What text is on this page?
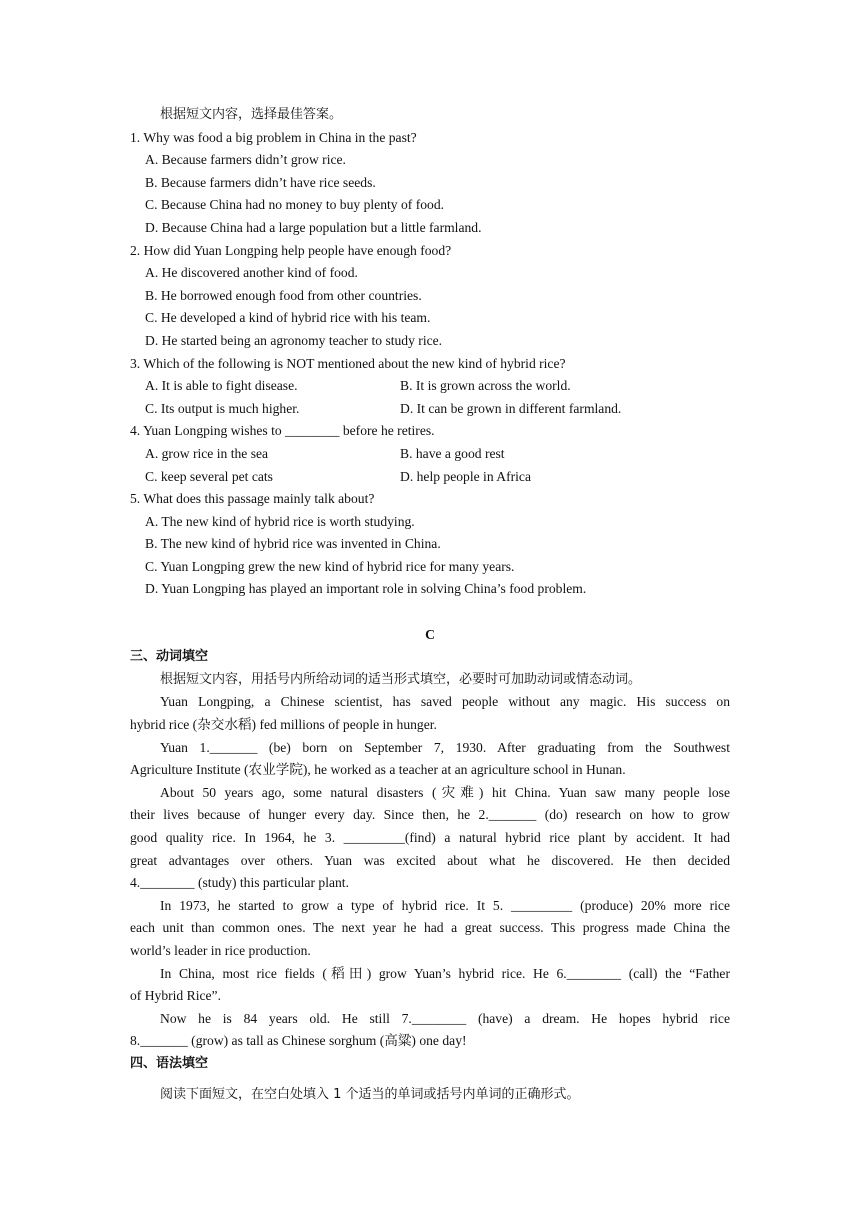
根据短文内容，选择最佳答案。
1. Why was food a big problem in China in the past?
A. Because farmers didn’t grow rice.
B. Because farmers didn’t have rice seeds.
C. Because China had no money to buy plenty of food.
D. Because China had a large population but a little farmland.
2. How did Yuan Longping help people have enough food?
A. He discovered another kind of food.
B. He borrowed enough food from other countries.
C. He developed a kind of hybrid rice with his team.
D. He started being an agronomy teacher to study rice.
3. Which of the following is NOT mentioned about the new kind of hybrid rice?
A. It is able to fight disease.	B. It is grown across the world.
C. Its output is much higher.	D. It can be grown in different farmland.
4. Yuan Longping wishes to ________ before he retires.
A. grow rice in the sea	B. have a good rest
C. keep several pet cats	D. help people in Africa
5. What does this passage mainly talk about?
A. The new kind of hybrid rice is worth studying.
B. The new kind of hybrid rice was invented in China.
C. Yuan Longping grew the new kind of hybrid rice for many years.
D. Yuan Longping has played an important role in solving China’s food problem.
C
三、动词填空
根据短文内容，用括号内所给动词的适当形式填空，必要时可加助动词或情态动词。
Yuan Longping, a Chinese scientist, has saved people without any magic. His success on
hybrid rice (杂交水稻) fed millions of people in hunger.
Yuan 1._______ (be) born on September 7, 1930. After graduating from the Southwest
Agriculture Institute (农业学院), he worked as a teacher at an agriculture school in Hunan.
About 50 years ago, some natural disasters (灾难) hit China. Yuan saw many people lose
their lives because of hunger every day. Since then, he 2._______ (do) research on how to grow
good quality rice. In 1964, he 3. _________(find) a natural hybrid rice plant by accident. It had
great advantages over others. Yuan was excited about what he discovered. He then decided
4.________ (study) this particular plant.
In 1973, he started to grow a type of hybrid rice. It 5. _________ (produce) 20% more rice
each unit than common ones. The next year he had a great success. This progress made China the
world’s leader in rice production.
In China, most rice fields (稻田) grow Yuan’s hybrid rice. He 6.________ (call) the “Father
of Hybrid Rice”.
Now he is 84 years old. He still 7.________ (have) a dream. He hopes hybrid rice
8._______ (grow) as tall as Chinese sorghum (高粱) one day!
四、语法填空
阅读下面短文，在空白处填入 1 个适当的单词或括号内单词的正确形式。
